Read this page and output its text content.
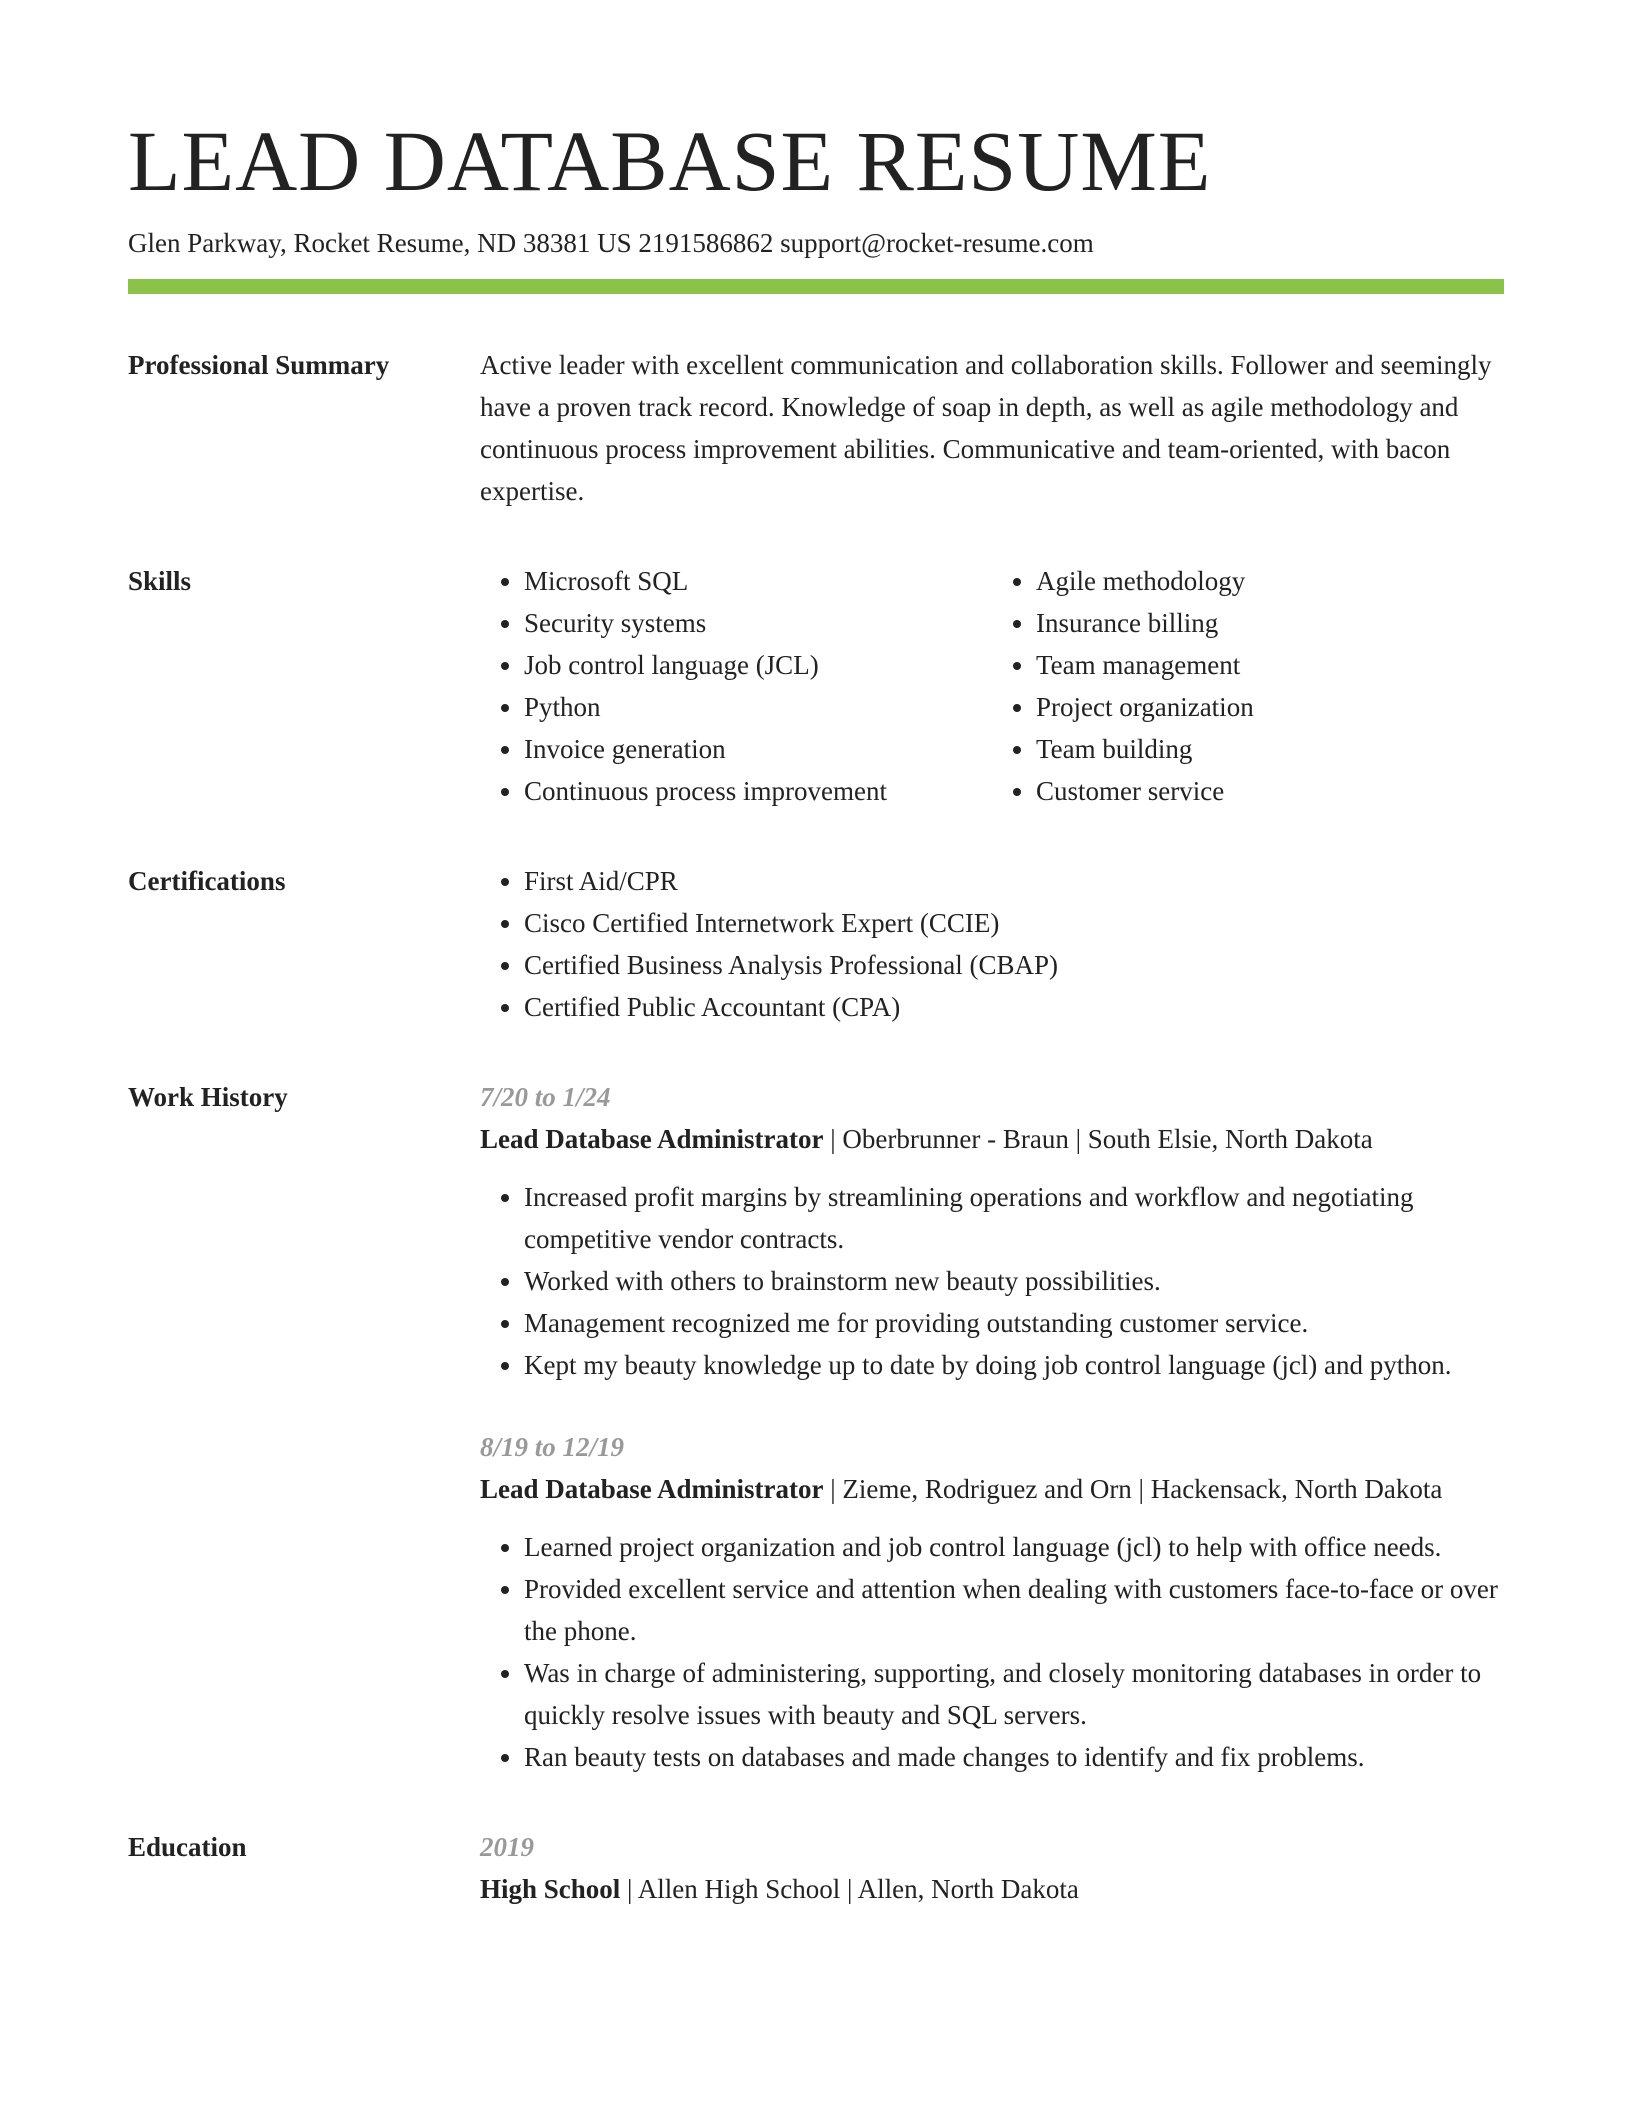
LEAD DATABASE RESUME
Glen Parkway, Rocket Resume, ND 38381 US 2191586862 support@rocket-resume.com
Professional Summary	Active leader with excellent communication and collaboration skills. Follower and seemingly have a proven track record. Knowledge of soap in depth, as well as agile methodology and continuous process improvement abilities. Communicative and team-oriented, with bacon expertise.

Skills	• Microsoft SQL
• Security systems
• Job control language (JCL)
• Python
• Invoice generation
• Continuous process improvement
• Agile methodology
• Insurance billing
• Team management
• Project organization
• Team building
• Customer service
Certifications	• First Aid/CPR
• Cisco Certified Internetwork Expert (CCIE)
• Certified Business Analysis Professional (CBAP)
• Certified Public Accountant (CPA)
Work History	7/20 to 1/24
Lead Database Administrator | Oberbrunner - Braun | South Elsie, North Dakota
• Increased profit margins by streamlining operations and workflow and negotiating competitive vendor contracts.
• Worked with others to brainstorm new beauty possibilities.
• Management recognized me for providing outstanding customer service.
• Kept my beauty knowledge up to date by doing job control language (jcl) and python.
8/19 to 12/19
Lead Database Administrator | Zieme, Rodriguez and Orn | Hackensack, North Dakota
• Learned project organization and job control language (jcl) to help with office needs.
• Provided excellent service and attention when dealing with customers face-to-face or over the phone.
• Was in charge of administering, supporting, and closely monitoring databases in order to quickly resolve issues with beauty and SQL servers.
• Ran beauty tests on databases and made changes to identify and fix problems.
Education	2019
High School | Allen High School | Allen, North Dakota
